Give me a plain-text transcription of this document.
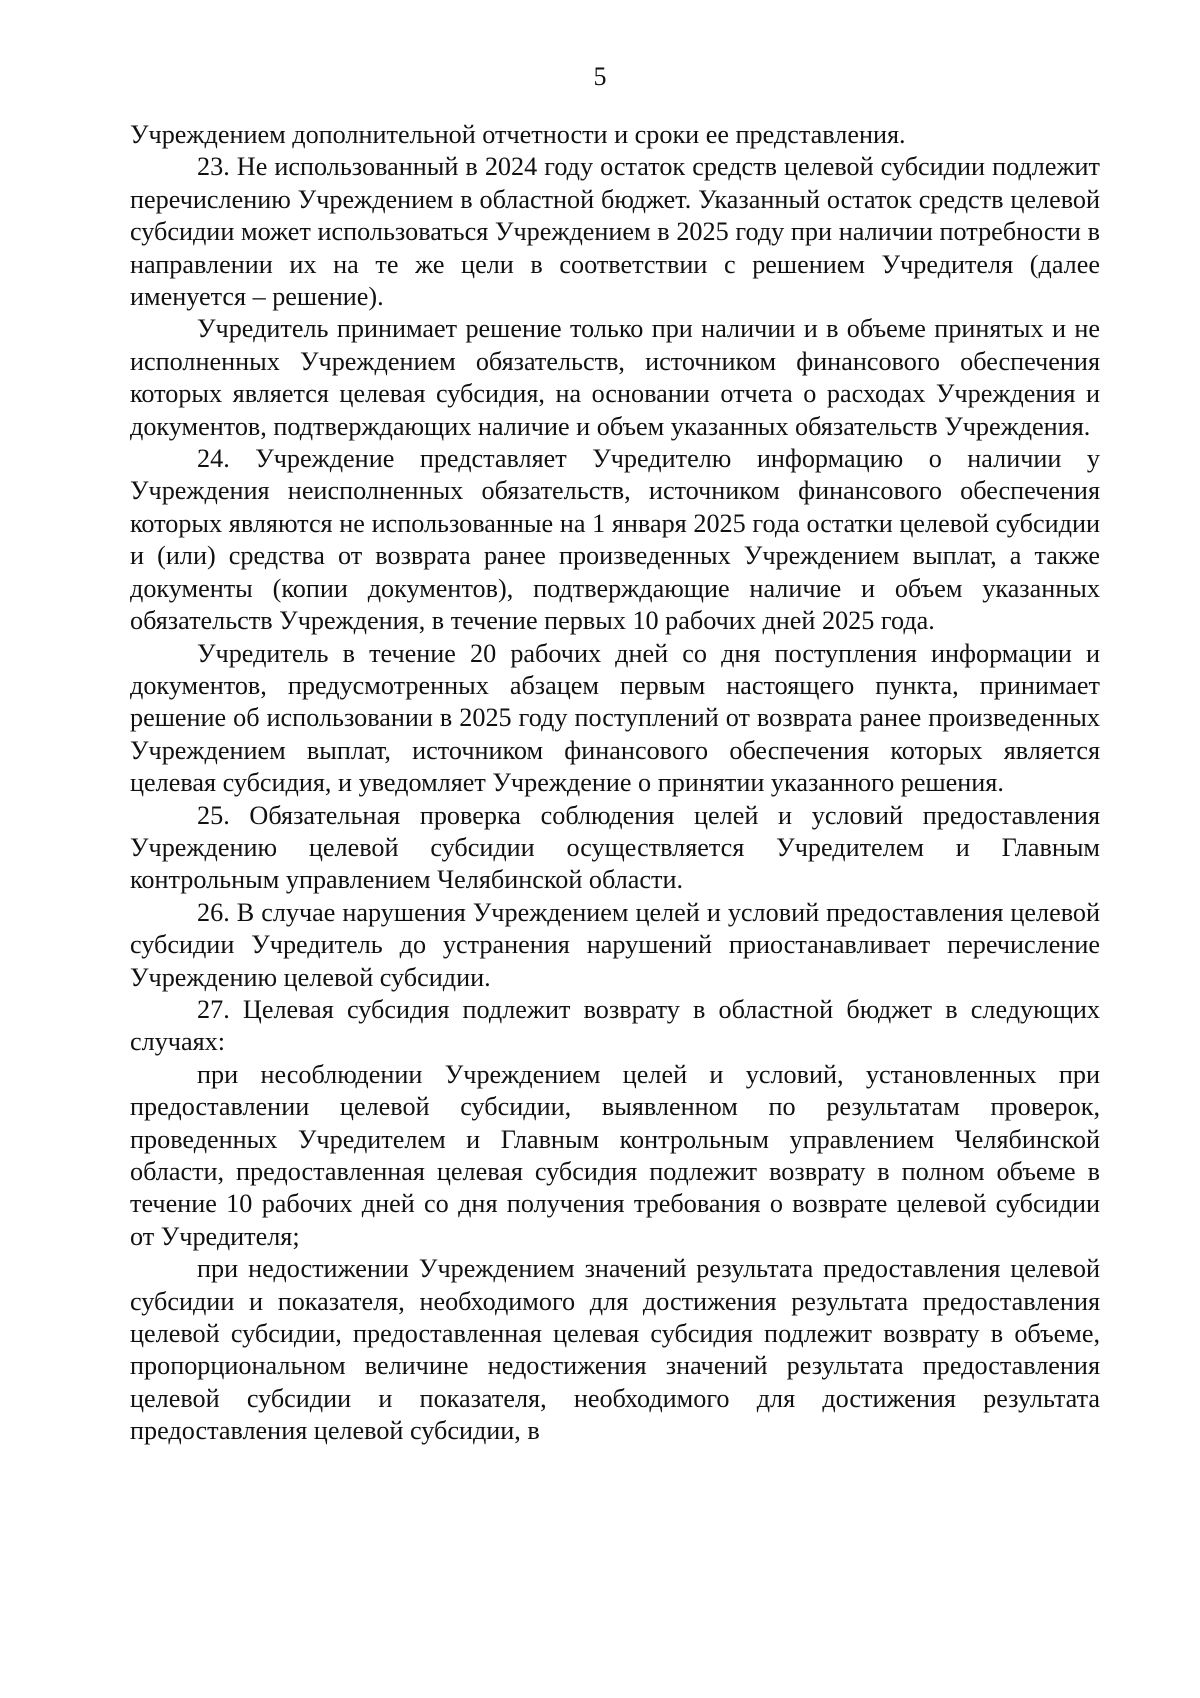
5

Учреждением дополнительной отчетности и сроки ее представления.

23. Не использованный в 2024 году остаток средств целевой субсидии подлежит перечислению Учреждением в областной бюджет. Указанный остаток средств целевой субсидии может использоваться Учреждением в 2025 году при наличии потребности в направлении их на те же цели в соответствии с решением Учредителя (далее именуется – решение).

Учредитель принимает решение только при наличии и в объеме принятых и не исполненных Учреждением обязательств, источником финансового обеспечения которых является целевая субсидия, на основании отчета о расходах Учреждения и документов, подтверждающих наличие и объем указанных обязательств Учреждения.

24. Учреждение представляет Учредителю информацию о наличии у Учреждения неисполненных обязательств, источником финансового обеспечения которых являются не использованные на 1 января 2025 года остатки целевой субсидии и (или) средства от возврата ранее произведенных Учреждением выплат, а также документы (копии документов), подтверждающие наличие и объем указанных обязательств Учреждения, в течение первых 10 рабочих дней 2025 года.

Учредитель в течение 20 рабочих дней со дня поступления информации и документов, предусмотренных абзацем первым настоящего пункта, принимает решение об использовании в 2025 году поступлений от возврата ранее произведенных Учреждением выплат, источником финансового обеспечения которых является целевая субсидия, и уведомляет Учреждение о принятии указанного решения.

25. Обязательная проверка соблюдения целей и условий предоставления Учреждению целевой субсидии осуществляется Учредителем и Главным контрольным управлением Челябинской области.

26. В случае нарушения Учреждением целей и условий предоставления целевой субсидии Учредитель до устранения нарушений приостанавливает перечисление Учреждению целевой субсидии.

27. Целевая субсидия подлежит возврату в областной бюджет в следующих случаях:

при несоблюдении Учреждением целей и условий, установленных при предоставлении целевой субсидии, выявленном по результатам проверок, проведенных Учредителем и Главным контрольным управлением Челябинской области, предоставленная целевая субсидия подлежит возврату в полном объеме в течение 10 рабочих дней со дня получения требования о возврате целевой субсидии от Учредителя;

при недостижении Учреждением значений результата предоставления целевой субсидии и показателя, необходимого для достижения результата предоставления целевой субсидии, предоставленная целевая субсидия подлежит возврату в объеме, пропорциональном величине недостижения значений результата предоставления целевой субсидии и показателя, необходимого для достижения результата предоставления целевой субсидии, в
